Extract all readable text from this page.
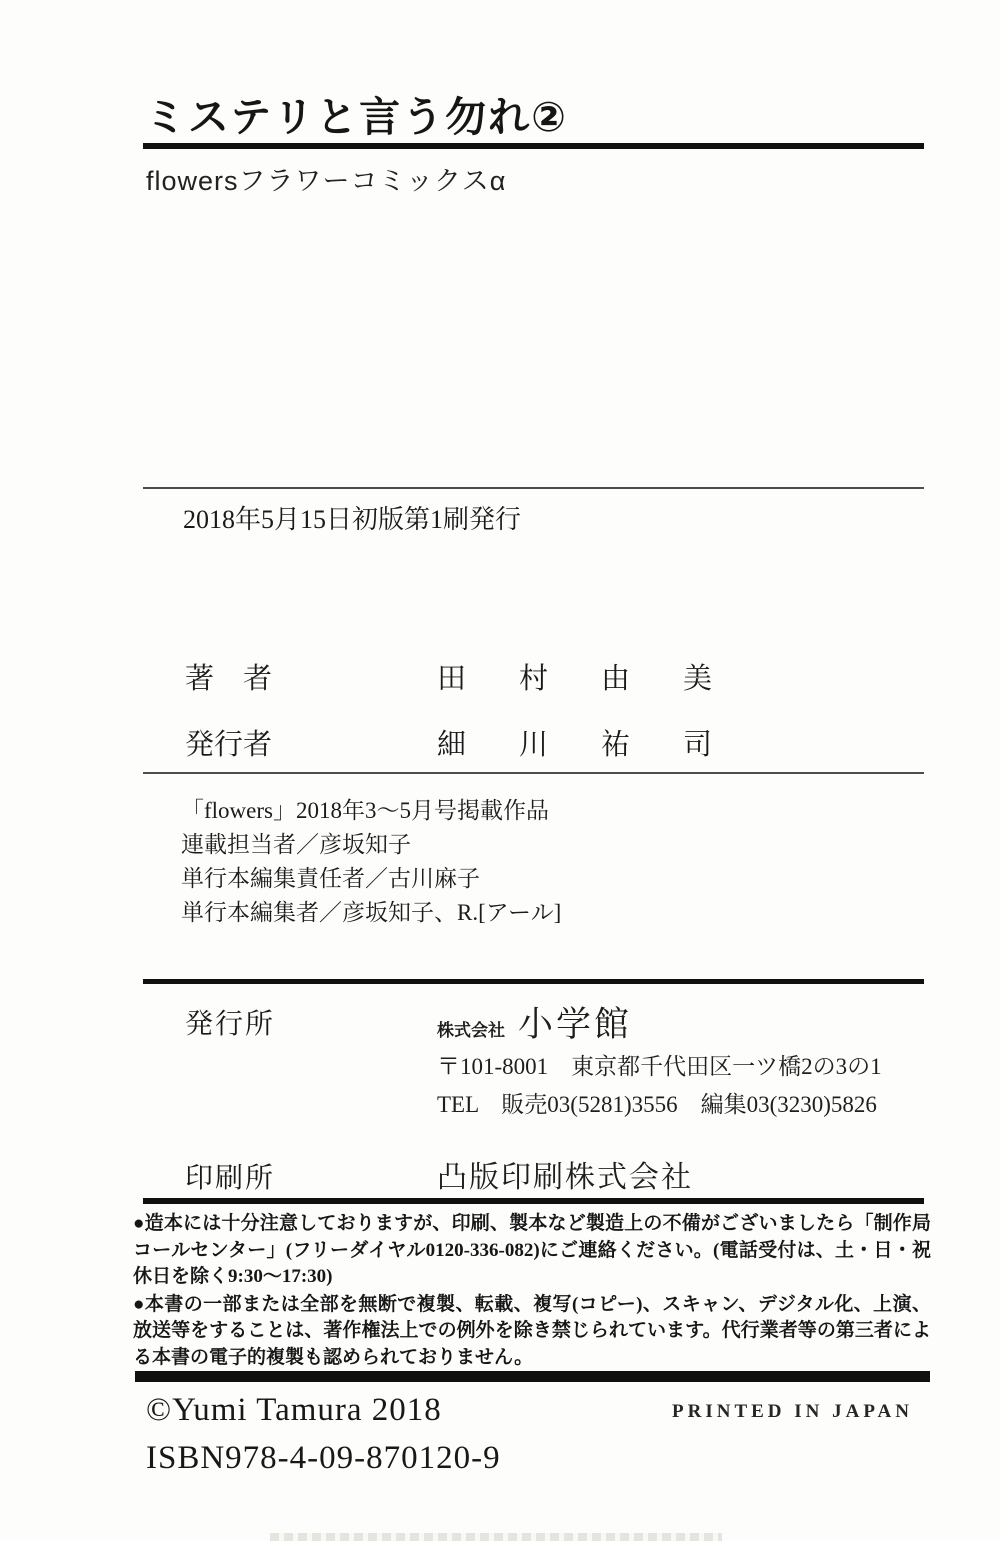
ミステリと言う勿れ②
flowersフラワーコミックスα
2018年5月15日初版第1刷発行
著　者	田　村　由　美
発行者	細　川　祐　司
「flowers」2018年3～5月号掲載作品
連載担当者／彦坂知子
単行本編集責任者／古川麻子
単行本編集者／彦坂知子、R.[アール]
発行所	株式会社 小学館
〒101-8001　東京都千代田区一ツ橋2の3の1
TEL　販売03(5281)3556　編集03(3230)5826
印刷所	凸版印刷株式会社

●造本には十分注意しておりますが、印刷、製本など製造上の不備がございましたら「制作局コールセンター」(フリーダイヤル0120-336-082)にご連絡ください。(電話受付は、土・日・祝休日を除く9:30～17:30)

●本書の一部または全部を無断で複製、転載、複写(コピー)、スキャン、デジタル化、上演、放送等をすることは、著作権法上での例外を除き禁じられています。代行業者等の第三者による本書の電子的複製も認められておりません。

©Yumi Tamura 2018	PRINTED IN JAPAN
ISBN978-4-09-870120-9
